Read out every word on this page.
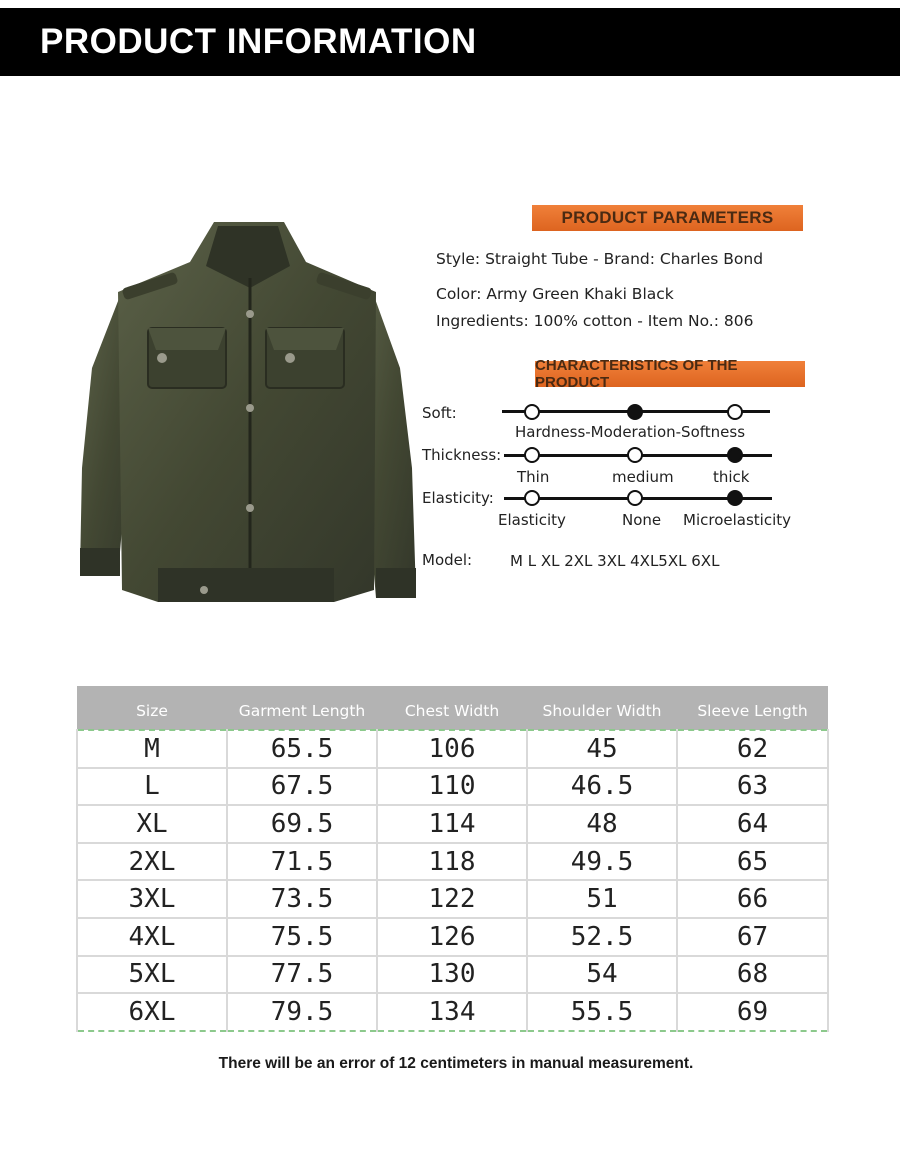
PRODUCT INFORMATION
PRODUCT PARAMETERS
Style: Straight Tube - Brand: Charles Bond
Color: Army Green Khaki Black
Ingredients: 100% cotton - Item No.: 806
CHARACTERISTICS OF THE PRODUCT
Soft:
Hardness-Moderation-Softness
Thickness:
Thin	medium	thick
Elasticity:
Elasticity	None Microelasticity
Model:	M L XL 2XL 3XL 4XL5XL 6XL
Size	Garment Length	Chest Width	Shoulder Width	Sleeve Length
M	65.5	106	45	62
L	67.5	110	46.5	63
XL	69.5	114	48	64
2XL	71.5	118	49.5	65
3XL	73.5	122	51	66
4XL	75.5	126	52.5	67
5XL	77.5	130	54	68
6XL	79.5	134	55.5	69
There will be an error of 12 centimeters in manual measurement.
